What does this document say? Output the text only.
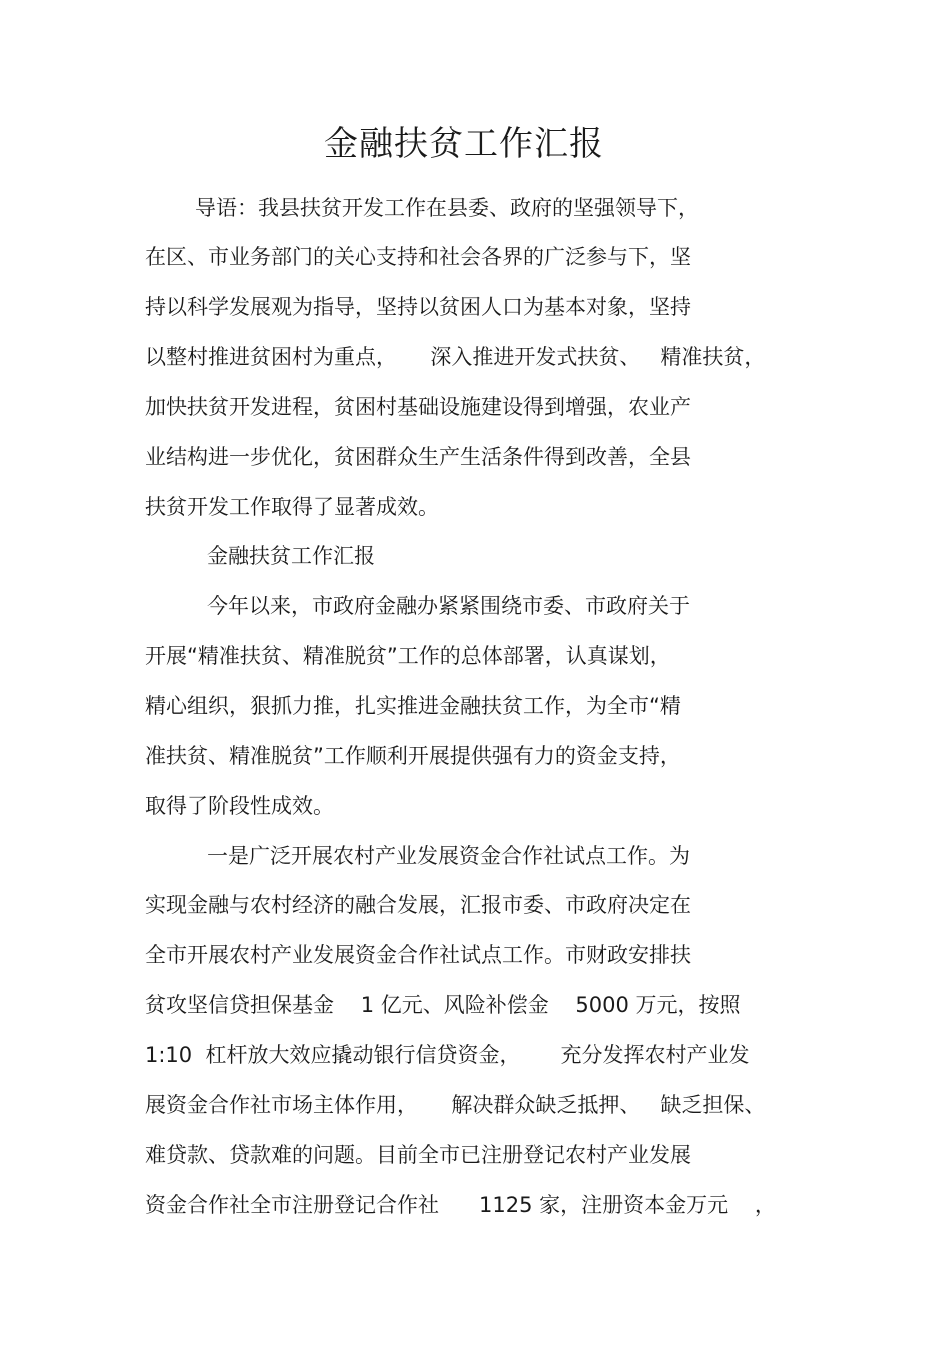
金融扶贫工作汇报

导语：我县扶贫开发工作在县委、政府的坚强领导下，

在区、市业务部门的关心支持和社会各界的广泛参与下，坚

持以科学发展观为指导，坚持以贫困人口为基本对象，坚持

以整村推进贫困村为重点，     深入推进开发式扶贫、   精准扶贫，

加快扶贫开发进程，贫困村基础设施建设得到增强，农业产

业结构进一步优化，贫困群众生产生活条件得到改善，全县

扶贫开发工作取得了显著成效。

金融扶贫工作汇报

今年以来，市政府金融办紧紧围绕市委、市政府关于

开展“精准扶贫、精准脱贫”工作的总体部署，认真谋划，

精心组织，狠抓力推，扎实推进金融扶贫工作，为全市“精

准扶贫、精准脱贫”工作顺利开展提供强有力的资金支持，

取得了阶段性成效。

一是广泛开展农村产业发展资金合作社试点工作。为

实现金融与农村经济的融合发展，汇报市委、市政府决定在

全市开展农村产业发展资金合作社试点工作。市财政安排扶

贫攻坚信贷担保基金    1 亿元、风险补偿金    5000 万元，按照

1:10  杠杆放大效应撬动银行信贷资金，      充分发挥农村产业发

展资金合作社市场主体作用，     解决群众缺乏抵押、   缺乏担保、

难贷款、贷款难的问题。目前全市已注册登记农村产业发展

资金合作社全市注册登记合作社      1125 家，注册资本金万元    ，
